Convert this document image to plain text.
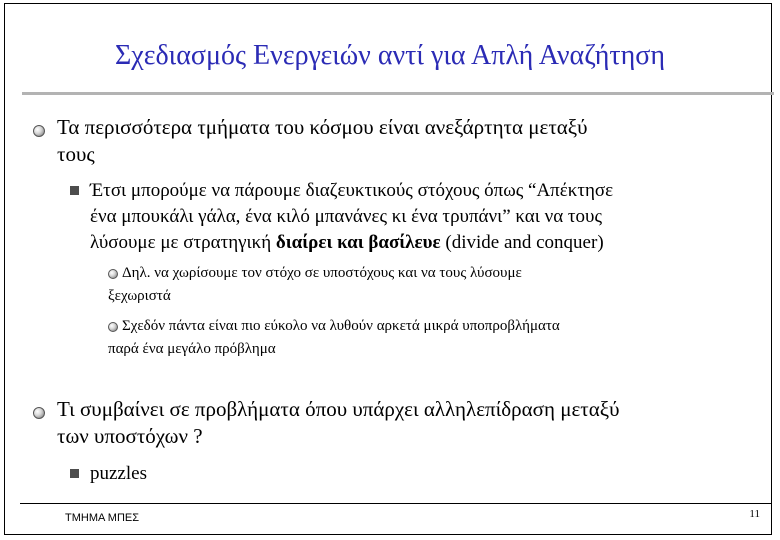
Σχεδιασμός Ενεργειών αντί για Απλή Αναζήτηση
Τα περισσότερα τμήματα του κόσμου είναι ανεξάρτητα μεταξύ
τους
Έτσι μπορούμε να πάρουμε διαζευκτικούς στόχους όπως “Απέκτησε
ένα μπουκάλι γάλα, ένα κιλό μπανάνες κι ένα τρυπάνι” και να τους
λύσουμε με στρατηγική διαίρει και βασίλευε (divide and conquer)
Δηλ. να χωρίσουμε τον στόχο σε υποστόχους και να τους λύσουμε
ξεχωριστά
Σχεδόν πάντα είναι πιο εύκολο να λυθούν αρκετά μικρά υποπροβλήματα
παρά ένα μεγάλο πρόβλημα
Τι συμβαίνει σε προβλήματα όπου υπάρχει αλληλεπίδραση μεταξύ
των υποστόχων ?
puzzles
ΤΜΗΜΑ ΜΠΕΣ	11
